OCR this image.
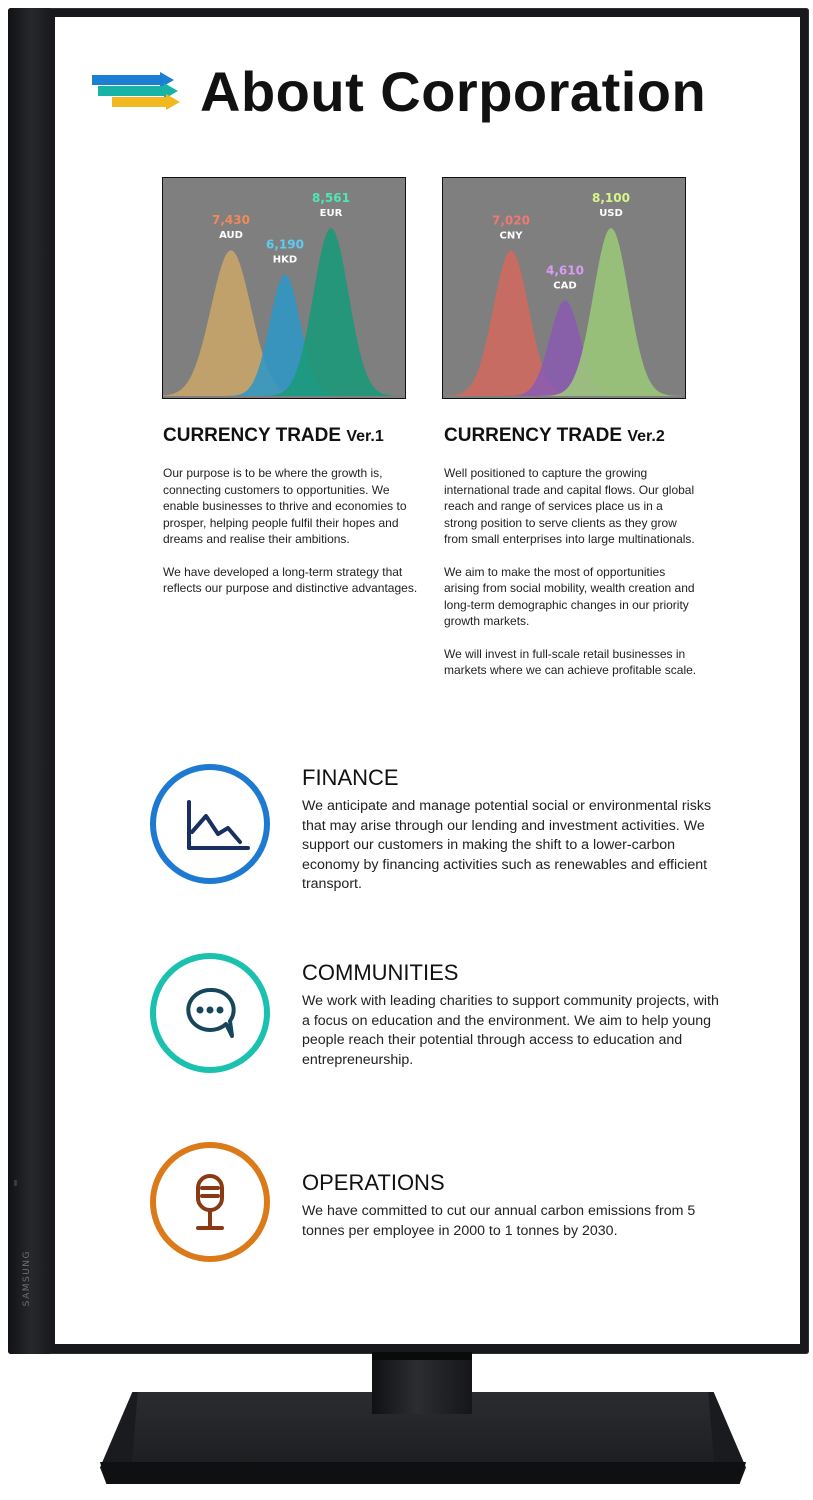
SAMSUNG
About Corporation
7,430
AUD
6,190
HKD
8,561
EUR	7,020
CNY
4,610
CAD
8,100
USD
CURRENCY TRADE Ver.1

Our purpose is to be where the growth is, connecting customers to opportunities. We enable businesses to thrive and economies to prosper, helping people fulfil their hopes and dreams and realise their ambitions.

We have developed a long-term strategy that reflects our purpose and distinctive advantages.

CURRENCY TRADE Ver.2

Well positioned to capture the growing international trade and capital flows. Our global reach and range of services place us in a strong position to serve clients as they grow from small enterprises into large multinationals.

We aim to make the most of opportunities arising from social mobility, wealth creation and long-term demographic changes in our priority growth markets.

We will invest in full-scale retail businesses in markets where we can achieve profitable scale.

FINANCE
We anticipate and manage potential social or environmental risks that may arise through our lending and investment activities. We support our customers in making the shift to a lower-carbon economy by financing activities such as renewables and efficient transport.
COMMUNITIES
We work with leading charities to support community projects, with a focus on education and the environment. We aim to help young people reach their potential through access to education and entrepreneurship.
OPERATIONS
We have committed to cut our annual carbon emissions from 5 tonnes per employee in 2000 to 1 tonnes by 2030.
